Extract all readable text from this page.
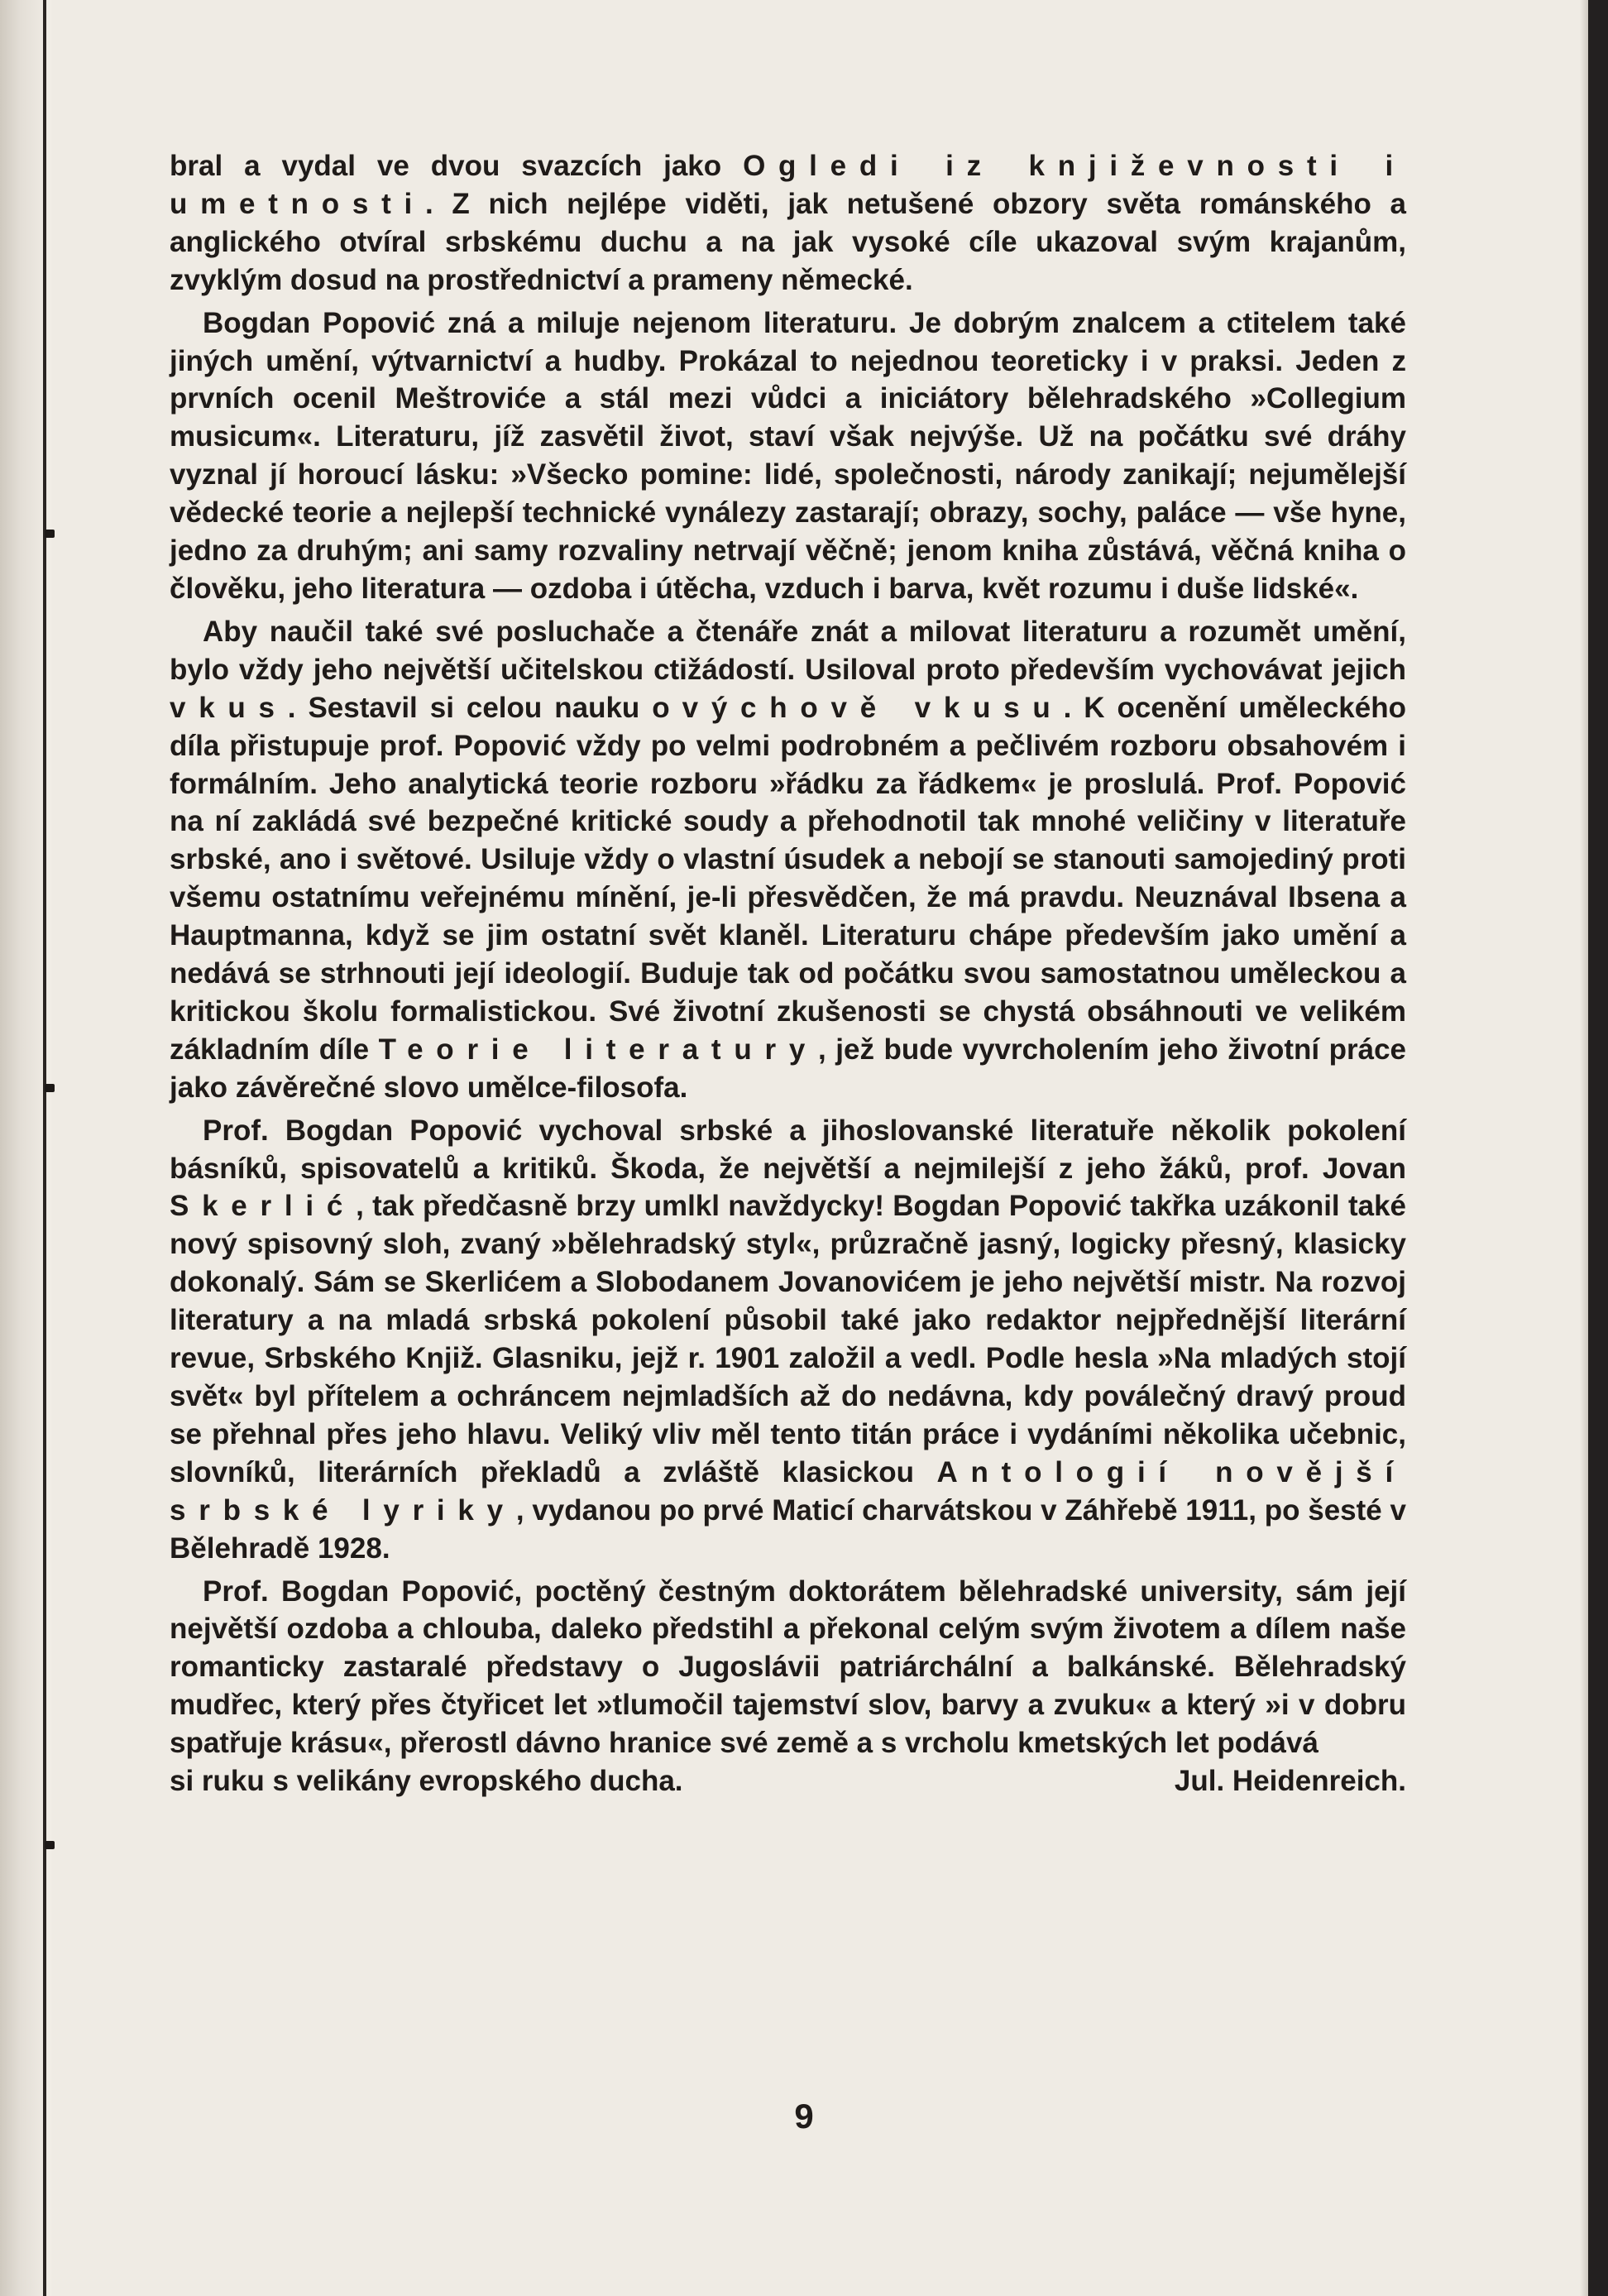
bral a vydal ve dvou svazcích jako Ogledi iz književnosti i umetnosti. Z nich nejlépe viděti, jak netušené obzory světa románského a anglického otvíral srbskému duchu a na jak vysoké cíle ukazoval svým krajanům, zvyklým dosud na prostřednictví a prameny německé.

Bogdan Popović zná a miluje nejenom literaturu. Je dobrým znalcem a ctitelem také jiných umění, výtvarnictví a hudby. Prokázal to nejednou teoreticky i v praksi. Jeden z prvních ocenil Meštroviće a stál mezi vůdci a iniciátory bělehradského »Collegium musicum«. Literaturu, jíž zasvětil život, staví však nejvýše. Už na počátku své dráhy vyznal jí horoucí lásku: »Všecko pomine: lidé, společnosti, národy zanikají; nejumělejší vědecké teorie a nejlepší technické vynálezy zastarají; obrazy, sochy, paláce — vše hyne, jedno za druhým; ani samy rozvaliny netrvají věčně; jenom kniha zůstává, věčná kniha o člověku, jeho literatura — ozdoba i útěcha, vzduch i barva, květ rozumu i duše lidské«.

Aby naučil také své posluchače a čtenáře znát a milovat literaturu a rozumět umění, bylo vždy jeho největší učitelskou ctižádostí. Usiloval proto především vychovávat jejich vkus. Sestavil si celou nauku o výchově vkusu. K ocenění uměleckého díla přistupuje prof. Popović vždy po velmi podrobném a pečlivém rozboru obsahovém i formálním. Jeho analytická teorie rozboru »řádku za řádkem« je proslulá. Prof. Popović na ní zakládá své bezpečné kritické soudy a přehodnotil tak mnohé veličiny v literatuře srbské, ano i světové. Usiluje vždy o vlastní úsudek a nebojí se stanouti samojediný proti všemu ostatnímu veřejnému mínění, je-li přesvědčen, že má pravdu. Neuznával Ibsena a Hauptmanna, když se jim ostatní svět klaněl. Literaturu chápe především jako umění a nedává se strhnouti její ideologií. Buduje tak od počátku svou samostatnou uměleckou a kritickou školu formalistickou. Své životní zkušenosti se chystá obsáhnouti ve velikém základním díle Teorie literatury, jež bude vyvrcholením jeho životní práce jako závěrečné slovo umělce-filosofa.

Prof. Bogdan Popović vychoval srbské a jihoslovanské literatuře několik pokolení básníků, spisovatelů a kritiků. Škoda, že největší a nejmilejší z jeho žáků, prof. Jovan Skerlić, tak předčasně brzy umlkl navždycky! Bogdan Popović takřka uzákonil také nový spisovný sloh, zvaný »bělehradský styl«, průzračně jasný, logicky přesný, klasicky dokonalý. Sám se Skerlićem a Slobodanem Jovanovićem je jeho největší mistr. Na rozvoj literatury a na mladá srbská pokolení působil také jako redaktor nejpřednější literární revue, Srbského Knjiž. Glasniku, jejž r. 1901 založil a vedl. Podle hesla »Na mladých stojí svět« byl přítelem a ochráncem nejmladších až do nedávna, kdy poválečný dravý proud se přehnal přes jeho hlavu. Veliký vliv měl tento titán práce i vydáními několika učebnic, slovníků, literárních překladů a zvláště klasickou Antologií novější srbské lyriky, vydanou po prvé Maticí charvátskou v Záhřebě 1911, po šesté v Bělehradě 1928.

Prof. Bogdan Popović, poctěný čestným doktorátem bělehradské university, sám její největší ozdoba a chlouba, daleko předstihl a překonal celým svým životem a dílem naše romanticky zastaralé představy o Jugoslávii patriárchální a balkánské. Bělehradský mudřec, který přes čtyřicet let »tlumočil tajemství slov, barvy a zvuku« a který »i v dobru spatřuje krásu«, přerostl dávno hranice své země a s vrcholu kmetských let podává

si ruku s velikány evropského ducha.	Jul. Heidenreich.
9
